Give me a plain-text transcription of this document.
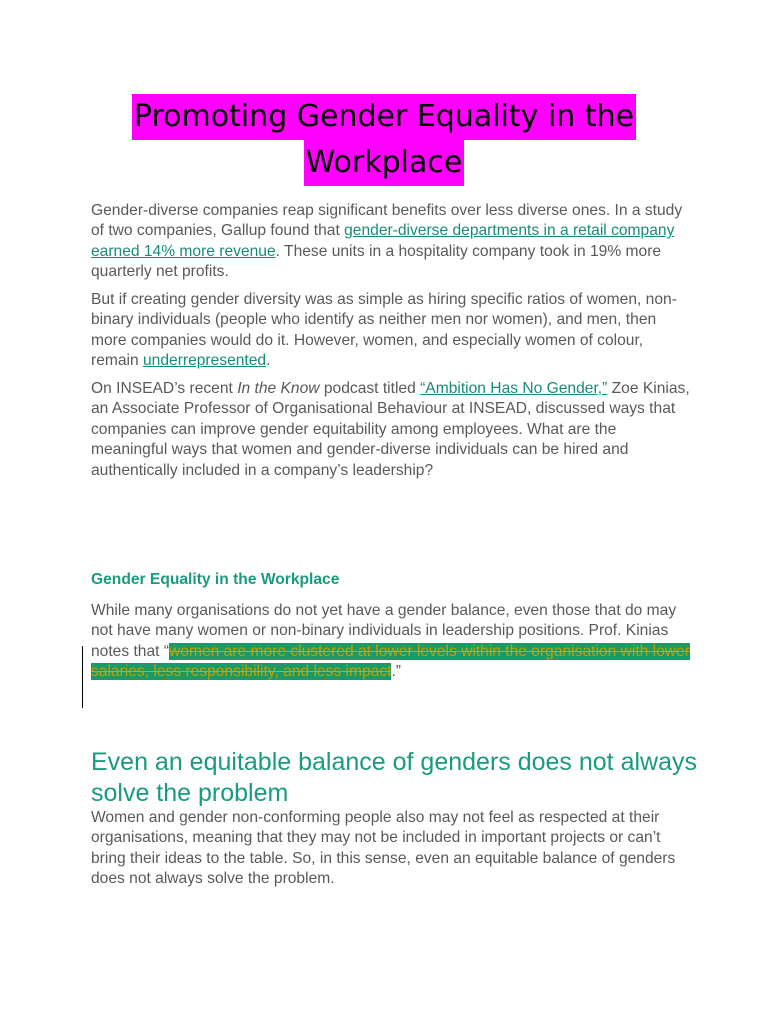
Promoting Gender Equality in the
Workplace

Gender-diverse companies reap significant benefits over less diverse ones. In a study of two companies, Gallup found that gender-diverse departments in a retail company earned 14% more revenue. These units in a hospitality company took in 19% more quarterly net profits.

But if creating gender diversity was as simple as hiring specific ratios of women, non-binary individuals (people who identify as neither men nor women), and men, then more companies would do it. However, women, and especially women of colour, remain underrepresented.

On INSEAD’s recent In the Know podcast titled “Ambition Has No Gender,” Zoe Kinias, an Associate Professor of Organisational Behaviour at INSEAD, discussed ways that companies can improve gender equitability among employees. What are the meaningful ways that women and gender-diverse individuals can be hired and authentically included in a company’s leadership?

Gender Equality in the Workplace

While many organisations do not yet have a gender balance, even those that do may not have many women or non-binary individuals in leadership positions. Prof. Kinias notes that “women are more clustered at lower levels within the organisation with lower salaries, less responsibility, and less impact.”

Even an equitable balance of genders does not always solve the problem

Women and gender non-conforming people also may not feel as respected at their organisations, meaning that they may not be included in important projects or can’t bring their ideas to the table. So, in this sense, even an equitable balance of genders does not always solve the problem.
